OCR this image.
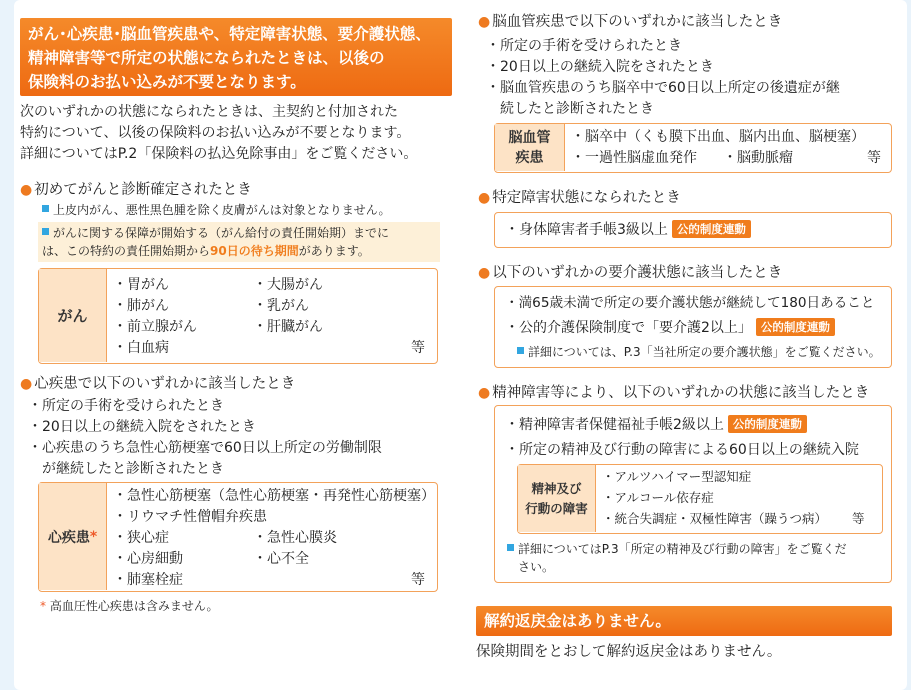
がん･心疾患･脳血管疾患や、特定障害状態、要介護状態、
精神障害等で所定の状態になられたときは、以後の
保険料のお払い込みが不要となります。
次のいずれかの状態になられたときは、主契約と付加された
特約について、以後の保険料のお払い込みが不要となります。
詳細についてはP.2「保険料の払込免除事由」をご覧ください。
● 初めてがんと診断確定されたとき
上皮内がん、悪性黒色腫を除く皮膚がんは対象となりません。
がんに関する保障が開始する（がん給付の責任開始期）までに
は、この特約の責任開始期から90日の待ち期間があります。
がん
・胃がん	・大腸がん
・肺がん	・乳がん
・前立腺がん	・肝臓がん
・白血病	等
● 心疾患で以下のいずれかに該当したとき
・所定の手術を受けられたとき
・20日以上の継続入院をされたとき
・心疾患のうち急性心筋梗塞で60日以上所定の労働制限
　が継続したと診断されたとき
心疾患 *
・急性心筋梗塞（急性心筋梗塞・再発性心筋梗塞）
・リウマチ性僧帽弁疾患
・狭心症	・急性心膜炎
・心房細動	・心不全
・肺塞栓症	等
* 高血圧性心疾患は含みません。
● 脳血管疾患で以下のいずれかに該当したとき
・所定の手術を受けられたとき
・20日以上の継続入院をされたとき
・脳血管疾患のうち脳卒中で60日以上所定の後遺症が継
　続したと診断されたとき
脳血管
疾患
・脳卒中（くも膜下出血、脳内出血、脳梗塞）
・一過性脳虚血発作 ・脳動脈瘤	等
● 特定障害状態になられたとき
・身体障害者手帳3級以上 公的制度連動
● 以下のいずれかの要介護状態に該当したとき
・満65歳未満で所定の要介護状態が継続して180日あること
・公的介護保険制度で「要介護2以上」 公的制度連動
詳細については、P.3「当社所定の要介護状態」をご覧ください。
● 精神障害等により、以下のいずれかの状態に該当したとき
・精神障害者保健福祉手帳2級以上 公的制度連動
・所定の精神及び行動の障害による60日以上の継続入院
精神及び
行動の障害
・アルツハイマー型認知症
・アルコール依存症
・統合失調症・双極性障害（躁うつ病） 等
詳細についてはP.3「所定の精神及び行動の障害」をご覧くだ
さい。
解約返戻金はありません。
保険期間をとおして解約返戻金はありません。
